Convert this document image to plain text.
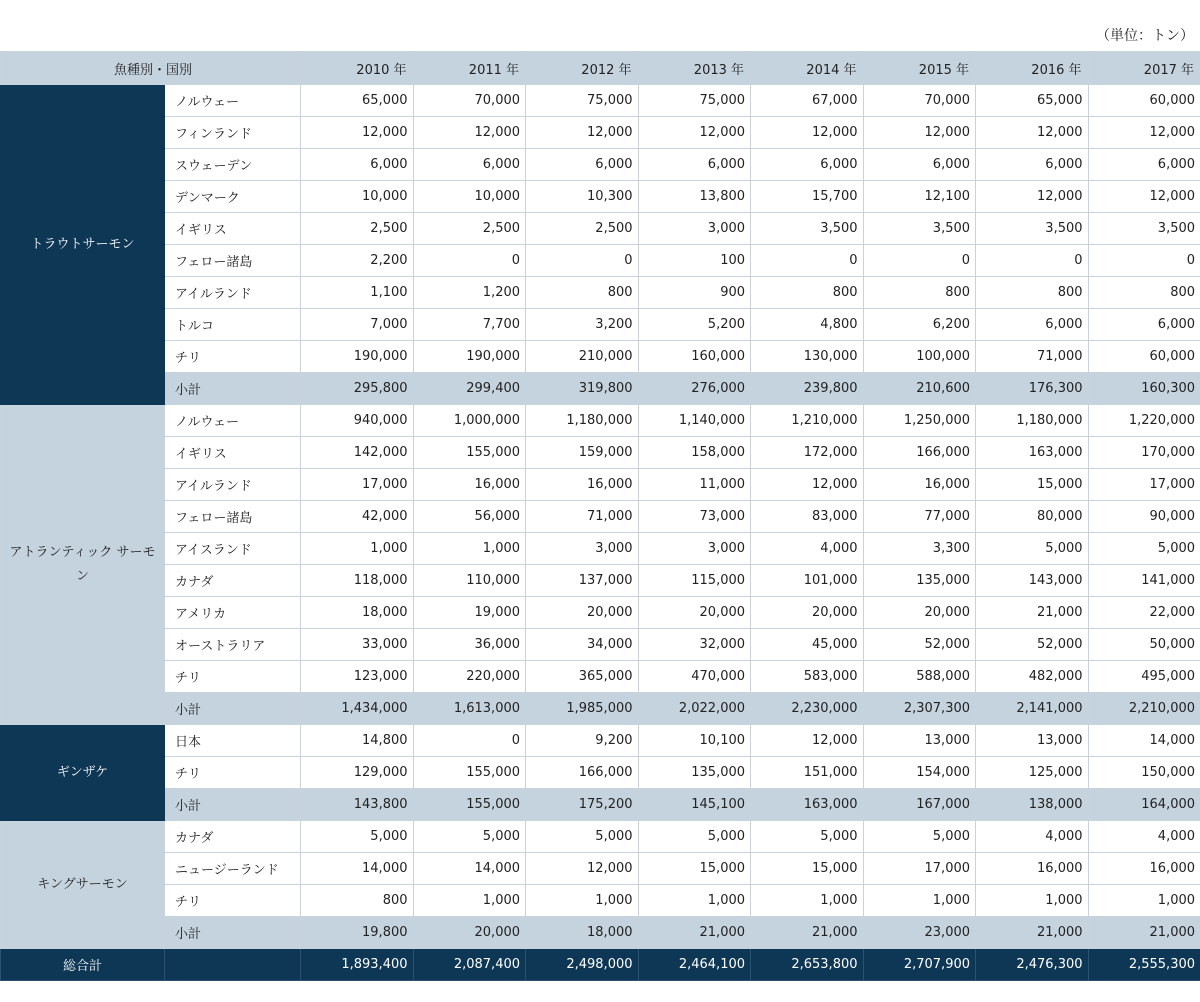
（単位：トン）
魚種別・国別		2010 年	2011 年	2012 年	2013 年	2014 年	2015 年	2016 年	2017 年
トラウトサーモン	ノルウェー	65,000	70,000	75,000	75,000	67,000	70,000	65,000	60,000
	フィンランド	12,000	12,000	12,000	12,000	12,000	12,000	12,000	12,000
	スウェーデン	6,000	6,000	6,000	6,000	6,000	6,000	6,000	6,000
	デンマーク	10,000	10,000	10,300	13,800	15,700	12,100	12,000	12,000
	イギリス	2,500	2,500	2,500	3,000	3,500	3,500	3,500	3,500
	フェロー諸島	2,200	0	0	100	0	0	0	0
	アイルランド	1,100	1,200	800	900	800	800	800	800
	トルコ	7,000	7,700	3,200	5,200	4,800	6,200	6,000	6,000
	チリ	190,000	190,000	210,000	160,000	130,000	100,000	71,000	60,000
	小計	295,800	299,400	319,800	276,000	239,800	210,600	176,300	160,300
アトランティック サーモン	ノルウェー	940,000	1,000,000	1,180,000	1,140,000	1,210,000	1,250,000	1,180,000	1,220,000
	イギリス	142,000	155,000	159,000	158,000	172,000	166,000	163,000	170,000
	アイルランド	17,000	16,000	16,000	11,000	12,000	16,000	15,000	17,000
	フェロー諸島	42,000	56,000	71,000	73,000	83,000	77,000	80,000	90,000
	アイスランド	1,000	1,000	3,000	3,000	4,000	3,300	5,000	5,000
	カナダ	118,000	110,000	137,000	115,000	101,000	135,000	143,000	141,000
	アメリカ	18,000	19,000	20,000	20,000	20,000	20,000	21,000	22,000
	オーストラリア	33,000	36,000	34,000	32,000	45,000	52,000	52,000	50,000
	チリ	123,000	220,000	365,000	470,000	583,000	588,000	482,000	495,000
	小計	1,434,000	1,613,000	1,985,000	2,022,000	2,230,000	2,307,300	2,141,000	2,210,000
ギンザケ	日本	14,800	0	9,200	10,100	12,000	13,000	13,000	14,000
	チリ	129,000	155,000	166,000	135,000	151,000	154,000	125,000	150,000
	小計	143,800	155,000	175,200	145,100	163,000	167,000	138,000	164,000
キングサーモン	カナダ	5,000	5,000	5,000	5,000	5,000	5,000	4,000	4,000
	ニュージーランド	14,000	14,000	12,000	15,000	15,000	17,000	16,000	16,000
	チリ	800	1,000	1,000	1,000	1,000	1,000	1,000	1,000
	小計	19,800	20,000	18,000	21,000	21,000	23,000	21,000	21,000
総合計		1,893,400	2,087,400	2,498,000	2,464,100	2,653,800	2,707,900	2,476,300	2,555,300
